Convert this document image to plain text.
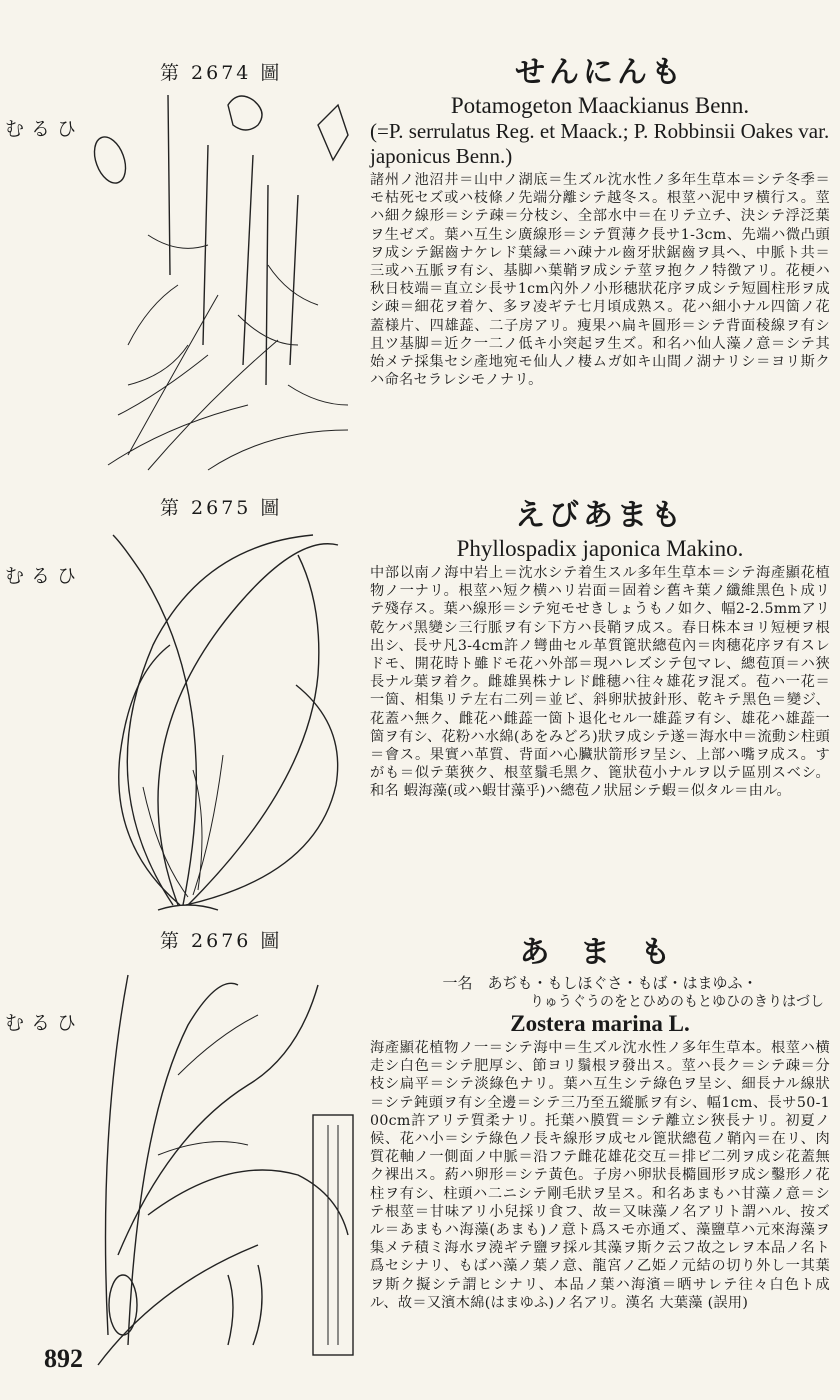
第 2674 圖
ひるむ
せんにんも
Potamogeton Maackianus Benn.
(=P. serrulatus Reg. et Maack.; P. Robbinsii Oakes var. japonicus Benn.)
諸州ノ池沼井＝山中ノ湖底＝生ズル沈水性ノ多年生草本＝シテ冬季＝モ枯死セズ或ハ枝條ノ先端分離シテ越冬ス。根莖ハ泥中ヲ横行ス。莖ハ細ク線形＝シテ疎＝分枝シ、全部水中＝在リテ立チ、決シテ浮泛葉ヲ生ゼズ。葉ハ互生シ廣線形＝シテ質薄ク長サ1-3cm、先端ハ微凸頭ヲ成シテ鋸齒ナケレド葉縁＝ハ疎ナル齒牙狀鋸齒ヲ具ヘ、中脈ト共＝三或ハ五脈ヲ有シ、基脚ハ葉鞘ヲ成シテ莖ヲ抱クノ特徴アリ。花梗ハ秋日枝端＝直立シ長サ1cm內外ノ小形穗狀花序ヲ成シテ短圓柱形ヲ成シ疎＝細花ヲ着ケ、多ヲ凌ギテ七月頃成熟ス。花ハ細小ナル四箇ノ花蓋様片、四雄蕋、二子房アリ。痩果ハ扁キ圓形＝シテ背面稜線ヲ有シ且ツ基脚＝近ク一二ノ低キ小突起ヲ生ズ。和名ハ仙人藻ノ意＝シテ其始メテ採集セシ產地宛モ仙人ノ棲ムガ如キ山間ノ湖ナリシ＝ヨリ斯クハ命名セラレシモノナリ。
第 2675 圖
ひるむ
えびあまも
Phyllospadix japonica Makino.
中部以南ノ海中岩上＝沈水シテ着生スル多年生草本＝シテ海產顯花植物ノ一ナリ。根莖ハ短ク横ハリ岩面＝固着シ舊キ葉ノ纖維黑色ト成リテ殘存ス。葉ハ線形＝シテ宛モせきしょうもノ如ク、幅2-2.5mmアリ乾ケバ黑變シ三行脈ヲ有シ下方ハ長鞘ヲ成ス。春日株本ヨリ短梗ヲ根出シ、長サ凡3-4cm許ノ彎曲セル革質篦狀總苞內＝肉穗花序ヲ有スレドモ、開花時ト雖ドモ花ハ外部＝現ハレズシテ包マレ、總苞頂＝ハ狹長ナル葉ヲ着ク。雌雄異株ナレド雌穗ハ往々雄花ヲ混ズ。苞ハ一花＝一箇、相集リテ左右二列＝並ビ、斜卵狀披針形、乾キテ黑色＝變ジ、花蓋ハ無ク、雌花ハ雌蕋一箇ト退化セル一雄蕋ヲ有シ、雄花ハ雄蕋一箇ヲ有シ、花粉ハ水綿(あをみどろ)狀ヲ成シテ遂＝海水中＝流動シ柱頭＝會ス。果實ハ革質、背面ハ心臟狀箭形ヲ呈シ、上部ハ嘴ヲ成ス。すがも＝似テ葉狹ク、根莖鬚毛黑ク、篦狀苞小ナルヲ以テ區別スベシ。和名 蝦海藻(或ハ蝦甘藻乎)ハ總苞ノ狀屈シテ蝦＝似タル＝由ル。
第 2676 圖
ひるむ
あ ま も
一名　あぢも・もしほぐさ・もば・はまゆふ・
りゅうぐうのをとひめのもとゆひのきりはづし
Zostera marina L.
海產顯花植物ノ一＝シテ海中＝生ズル沈水性ノ多年生草本。根莖ハ横走シ白色＝シテ肥厚シ、節ヨリ鬚根ヲ發出ス。莖ハ長ク＝シテ疎＝分枝シ扁平＝シテ淡綠色ナリ。葉ハ互生シテ綠色ヲ呈シ、細長ナル線狀＝シテ鈍頭ヲ有シ全邊＝シテ三乃至五縱脈ヲ有シ、幅1cm、長サ50-100cm許アリテ質柔ナリ。托葉ハ膜質＝シテ離立シ狹長ナリ。初夏ノ候、花ハ小＝シテ綠色ノ長キ線形ヲ成セル篦狀總苞ノ鞘內＝在リ、肉質花軸ノ一側面ノ中脈＝沿フテ雌花雄花交互＝排ビ二列ヲ成シ花蓋無ク裸出ス。葯ハ卵形＝シテ黃色。子房ハ卵狀長橢圓形ヲ成シ鑿形ノ花柱ヲ有シ、柱頭ハ二ニシテ剛毛狀ヲ呈ス。和名あまもハ甘藻ノ意＝シテ根莖＝甘味アリ小兒採リ食フ、故＝又味藻ノ名アリト謂ハル、按ズル＝あまもハ海藻(あまも)ノ意ト爲スモ亦通ズ、藻鹽草ハ元來海藻ヲ集メテ積ミ海水ヲ澆ギテ鹽ヲ採ル其藻ヲ斯ク云フ故之レヲ本品ノ名ト爲セシナリ、もばハ藻ノ葉ノ意、龍宮ノ乙姫ノ元結の切り外し一其葉ヲ斯ク擬シテ謂ヒシナリ、本品ノ葉ハ海濱＝晒サレテ往々白色ト成ル、故＝又濱木綿(はまゆふ)ノ名アリ。漢名 大葉藻 (誤用)
892
